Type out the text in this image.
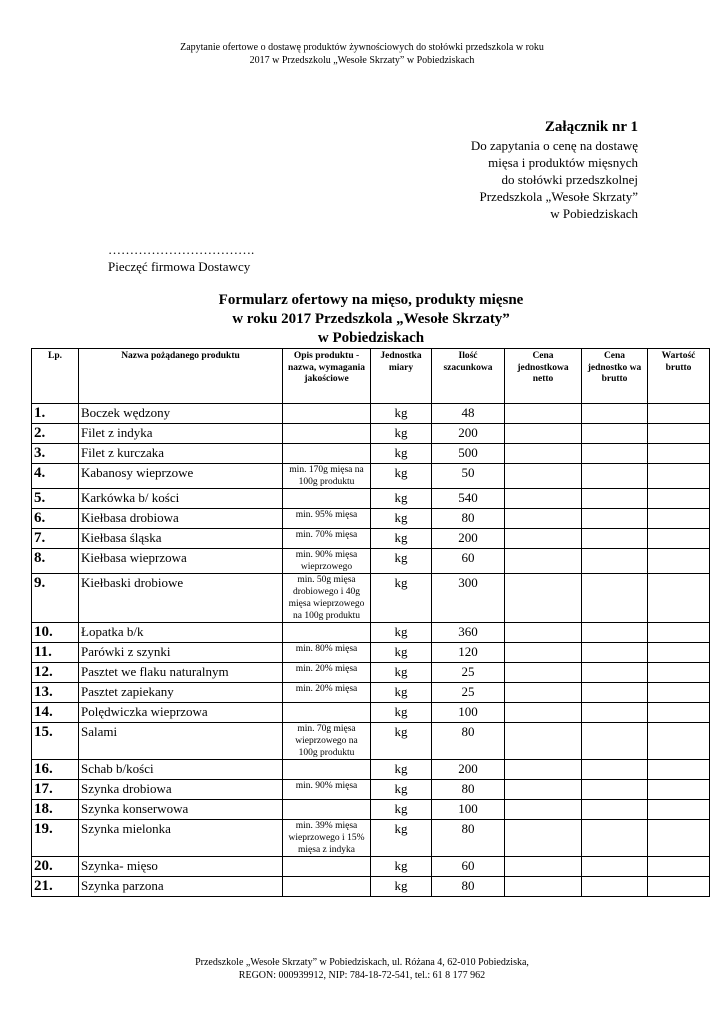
Zapytanie ofertowe o dostawę produktów żywnościowych do stołówki przedszkola w roku
2017 w Przedszkolu „Wesołe Skrzaty” w Pobiedziskach
Załącznik nr 1
Do zapytania o cenę na dostawę
mięsa i produktów mięsnych
do stołówki przedszkolnej
Przedszkola „Wesołe Skrzaty”
w Pobiedziskach
…………………………….
Pieczęć firmowa Dostawcy
Formularz ofertowy na mięso, produkty mięsne
w roku 2017 Przedszkola „Wesołe Skrzaty”
w Pobiedziskach
Lp.	Nazwa pożądanego produktu	Opis produktu - nazwa, wymagania jakościowe	Jednostka miary	Ilość szacunkowa	Cena jednostkowa netto	Cena jednostko wa brutto	Wartość brutto
1.	Boczek wędzony		kg	48			
2.	Filet z indyka		kg	200			
3.	Filet z kurczaka		kg	500			
4.	Kabanosy wieprzowe	min. 170g mięsa na 100g produktu	kg	50			
5.	Karkówka b/ kości		kg	540			
6.	Kiełbasa drobiowa	min. 95% mięsa	kg	80			
7.	Kiełbasa śląska	min. 70% mięsa	kg	200			
8.	Kiełbasa wieprzowa	min. 90% mięsa wieprzowego	kg	60			
9.	Kiełbaski drobiowe	min. 50g mięsa drobiowego i 40g mięsa wieprzowego na 100g produktu	kg	300			
10.	Łopatka b/k		kg	360			
11.	Parówki z szynki	min. 80% mięsa	kg	120			
12.	Pasztet we flaku naturalnym	min. 20% mięsa	kg	25			
13.	Pasztet zapiekany	min. 20% mięsa	kg	25			
14.	Polędwiczka wieprzowa		kg	100			
15.	Salami	min. 70g mięsa wieprzowego na 100g produktu	kg	80			
16.	Schab b/kości		kg	200			
17.	Szynka drobiowa	min. 90% mięsa	kg	80			
18.	Szynka konserwowa		kg	100			
19.	Szynka mielonka	min. 39% mięsa wieprzowego i 15% mięsa z indyka	kg	80			
20.	Szynka- mięso		kg	60			
21.	Szynka parzona		kg	80			
Przedszkole „Wesołe Skrzaty” w Pobiedziskach, ul. Różana 4, 62-010 Pobiedziska,
REGON: 000939912, NIP: 784-18-72-541, tel.: 61 8 177 962
